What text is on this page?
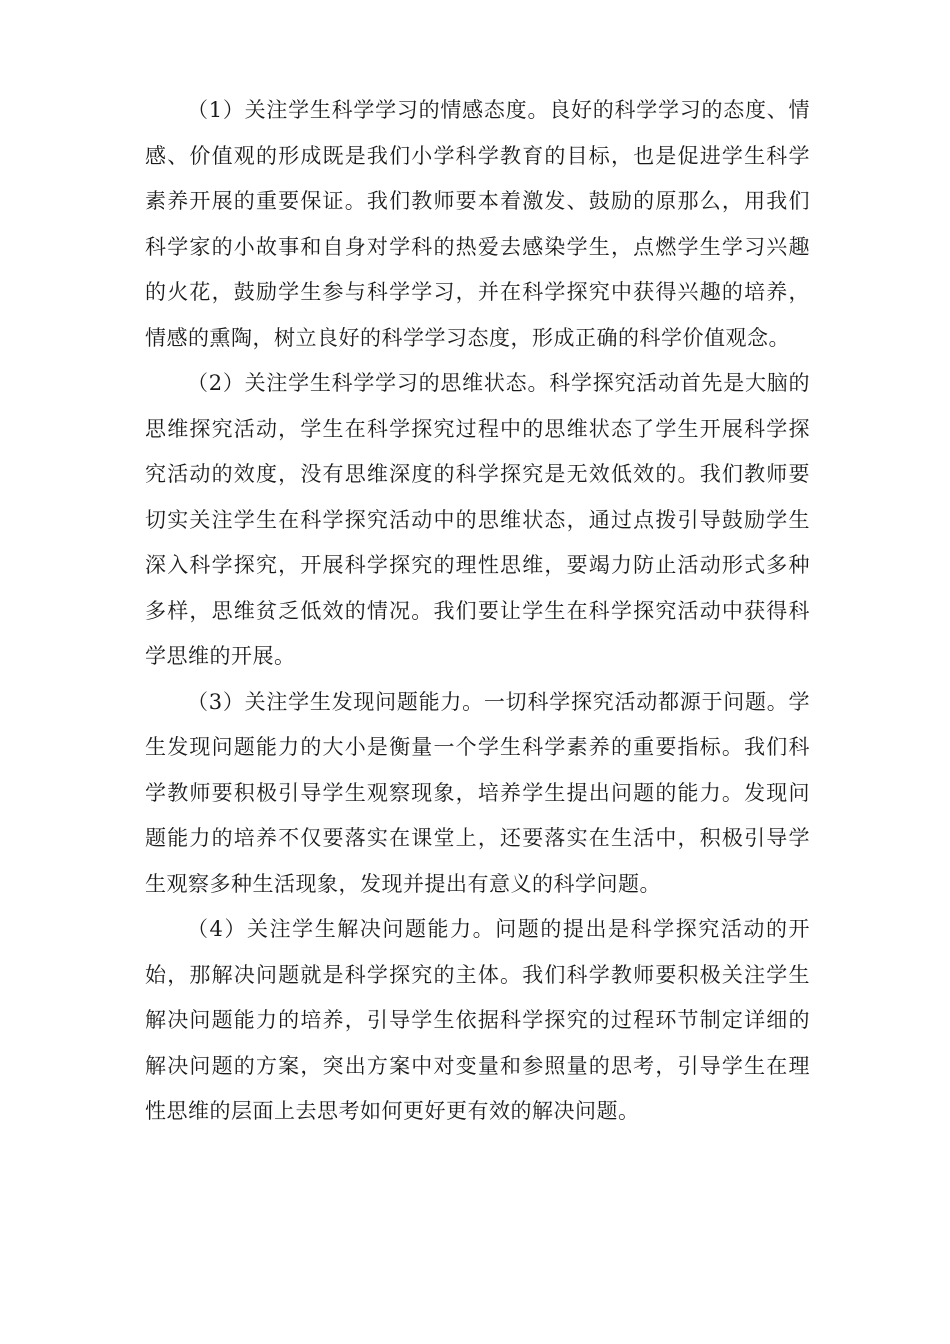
（1）关注学生科学学习的情感态度。良好的科学学习的态度、情感、价值观的形成既是我们小学科学教育的目标，也是促进学生科学素养开展的重要保证。我们教师要本着激发、鼓励的原那么，用我们科学家的小故事和自身对学科的热爱去感染学生，点燃学生学习兴趣的火花，鼓励学生参与科学学习，并在科学探究中获得兴趣的培养，情感的熏陶，树立良好的科学学习态度，形成正确的科学价值观念。

（2）关注学生科学学习的思维状态。科学探究活动首先是大脑的思维探究活动，学生在科学探究过程中的思维状态了学生开展科学探究活动的效度，没有思维深度的科学探究是无效低效的。我们教师要切实关注学生在科学探究活动中的思维状态，通过点拨引导鼓励学生深入科学探究，开展科学探究的理性思维，要竭力防止活动形式多种多样，思维贫乏低效的情况。我们要让学生在科学探究活动中获得科学思维的开展。

（3）关注学生发现问题能力。一切科学探究活动都源于问题。学生发现问题能力的大小是衡量一个学生科学素养的重要指标。我们科学教师要积极引导学生观察现象，培养学生提出问题的能力。发现问题能力的培养不仅要落实在课堂上，还要落实在生活中，积极引导学生观察多种生活现象，发现并提出有意义的科学问题。

（4）关注学生解决问题能力。问题的提出是科学探究活动的开始，那解决问题就是科学探究的主体。我们科学教师要积极关注学生解决问题能力的培养，引导学生依据科学探究的过程环节制定详细的解决问题的方案，突出方案中对变量和参照量的思考，引导学生在理性思维的层面上去思考如何更好更有效的解决问题。
